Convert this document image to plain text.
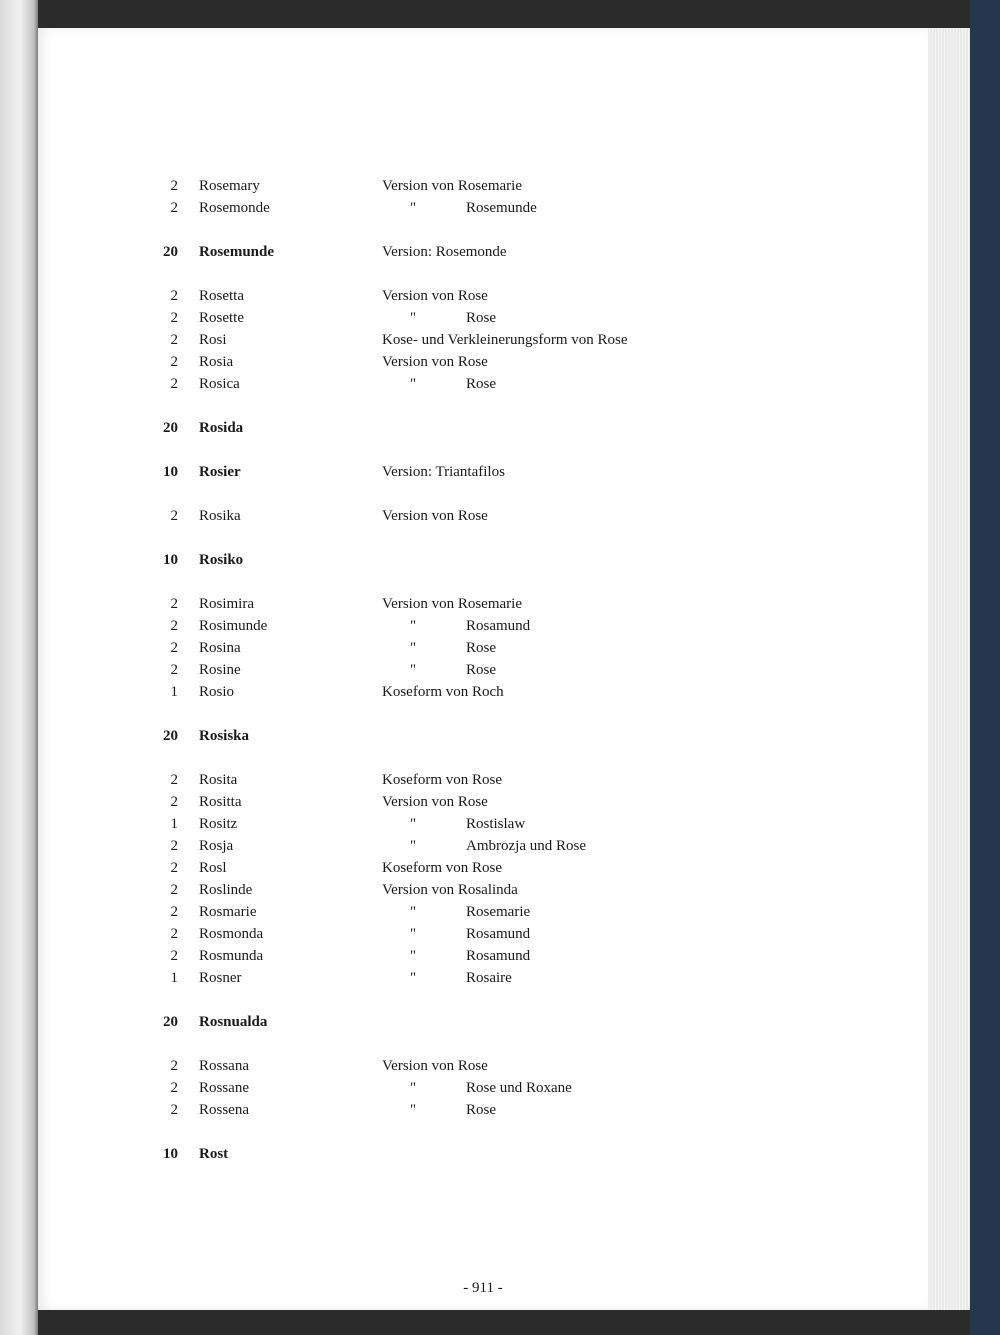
2 Rosemary	Version von Rosemarie
2 Rosemonde	"	Rosemunde
20 Rosemunde	Version: Rosemonde
2 Rosetta	Version von Rose
2 Rosette	"	Rose
2 Rosi	Kose- und Verkleinerungsform von Rose
2 Rosia	Version von Rose
2 Rosica	"	Rose
20 Rosida
10 Rosier	Version: Triantafilos
2 Rosika	Version von Rose
10 Rosiko
2 Rosimira	Version von Rosemarie
2 Rosimunde	"	Rosamund
2 Rosina	"	Rose
2 Rosine	"	Rose
1 Rosio	Koseform von Roch
20 Rosiska
2 Rosita	Koseform von Rose
2 Rositta	Version von Rose
1 Rositz	"	Rostislaw
2 Rosja	"	Ambrozja und Rose
2 Rosl	Koseform von Rose
2 Roslinde	Version von Rosalinda
2 Rosmarie	"	Rosemarie
2 Rosmonda	"	Rosamund
2 Rosmunda	"	Rosamund
1 Rosner	"	Rosaire
20 Rosnualda
2 Rossana	Version von Rose
2 Rossane	"	Rose und Roxane
2 Rossena	"	Rose
10 Rost
- 911 -
